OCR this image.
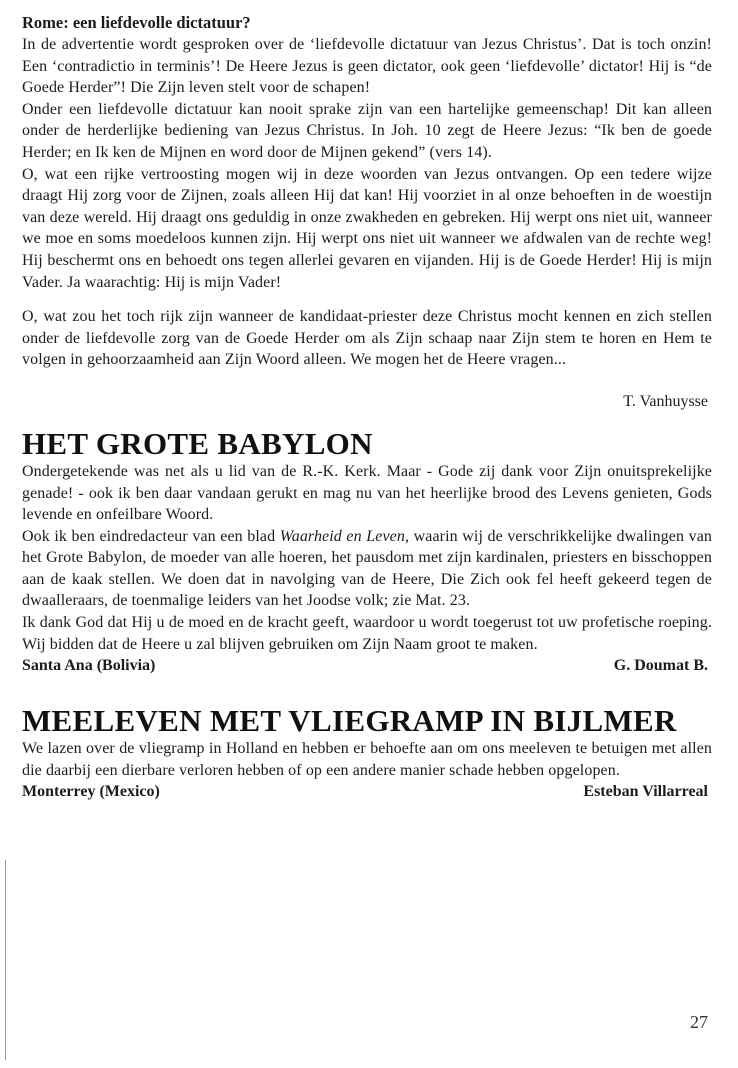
Rome: een liefdevolle dictatuur?

In de advertentie wordt gesproken over de ‘liefdevolle dictatuur van Jezus Christus’. Dat is toch onzin! Een ‘contradictio in terminis’! De Heere Jezus is geen dictator, ook geen ‘liefdevolle’ dictator! Hij is “de Goede Herder”! Die Zijn leven stelt voor de schapen!

Onder een liefdevolle dictatuur kan nooit sprake zijn van een hartelijke gemeenschap! Dit kan alleen onder de herderlijke bediening van Jezus Christus. In Joh. 10 zegt de Heere Jezus: “Ik ben de goede Herder; en Ik ken de Mijnen en word door de Mijnen gekend” (vers 14).

O, wat een rijke vertroosting mogen wij in deze woorden van Jezus ontvangen. Op een tedere wijze draagt Hij zorg voor de Zijnen, zoals alleen Hij dat kan! Hij voorziet in al onze behoeften in de woestijn van deze wereld. Hij draagt ons geduldig in onze zwakheden en gebreken. Hij werpt ons niet uit, wanneer we moe en soms moedeloos kunnen zijn. Hij werpt ons niet uit wanneer we afdwalen van de rechte weg! Hij beschermt ons en behoedt ons tegen allerlei gevaren en vijanden. Hij is de Goede Herder! Hij is mijn Vader. Ja waarachtig: Hij is mijn Vader!

O, wat zou het toch rijk zijn wanneer de kandidaat-priester deze Christus mocht kennen en zich stellen onder de liefdevolle zorg van de Goede Herder om als Zijn schaap naar Zijn stem te horen en Hem te volgen in gehoorzaamheid aan Zijn Woord alleen. We mogen het de Heere vragen...

T. Vanhuysse
HET GROTE BABYLON

Ondergetekende was net als u lid van de R.-K. Kerk. Maar - Gode zij dank voor Zijn onuitsprekelijke genade! - ook ik ben daar vandaan gerukt en mag nu van het heerlijke brood des Levens genieten, Gods levende en onfeilbare Woord.

Ook ik ben eindredacteur van een blad Waarheid en Leven, waarin wij de verschrikkelijke dwalingen van het Grote Babylon, de moeder van alle hoeren, het pausdom met zijn kardinalen, priesters en bisschoppen aan de kaak stellen. We doen dat in navolging van de Heere, Die Zich ook fel heeft gekeerd tegen de dwaalleraars, de toenmalige leiders van het Joodse volk; zie Mat. 23.

Ik dank God dat Hij u de moed en de kracht geeft, waardoor u wordt toegerust tot uw profetische roeping. Wij bidden dat de Heere u zal blijven gebruiken om Zijn Naam groot te maken.

Santa Ana (Bolivia)	G. Doumat B.
MEELEVEN MET VLIEGRAMP IN BIJLMER

We lazen over de vliegramp in Holland en hebben er behoefte aan om ons meeleven te betuigen met allen die daarbij een dierbare verloren hebben of op een andere manier schade hebben opgelopen.

Monterrey (Mexico)	Esteban Villarreal
27
